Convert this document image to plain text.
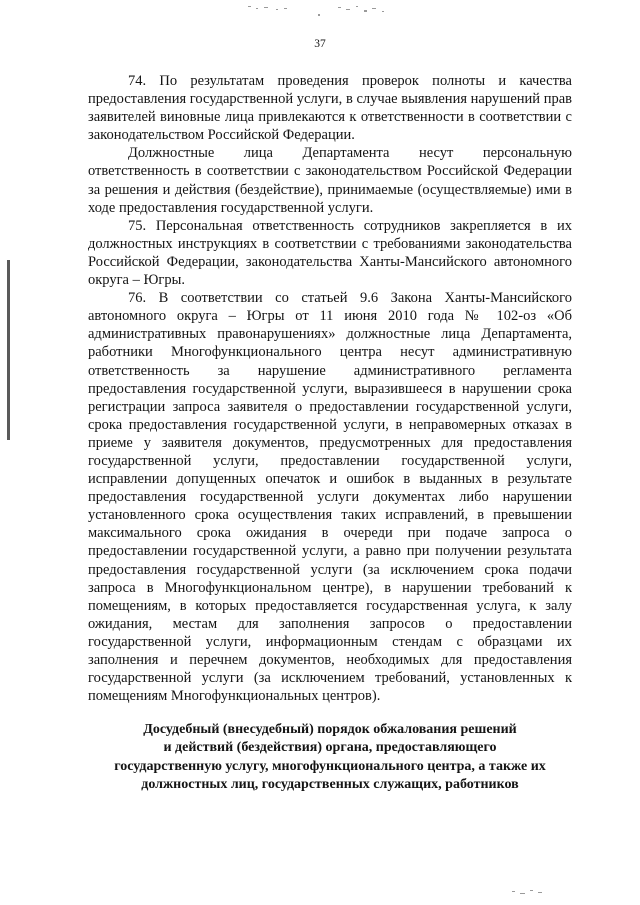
37

74. По результатам проведения проверок полноты и качества предоставления государственной услуги, в случае выявления нарушений прав заявителей виновные лица привлекаются к ответственности в соответствии с законодательством Российской Федерации.

Должностные лица Департамента несут персональную ответственность в соответствии с законодательством Российской Федерации за решения и действия (бездействие), принимаемые (осуществляемые) ими в ходе предоставления государственной услуги.

75. Персональная ответственность сотрудников закрепляется в их должностных инструкциях в соответствии с требованиями законодательства Российской Федерации, законодательства Ханты-Мансийского автономного округа – Югры.

76. В соответствии со статьей 9.6 Закона Ханты-Мансийского автономного округа – Югры от 11 июня 2010 года № 102-оз «Об административных правонарушениях» должностные лица Департамента, работники Многофункционального центра несут административную ответственность за нарушение административного регламента предоставления государственной услуги, выразившееся в нарушении срока регистрации запроса заявителя о предоставлении государственной услуги, срока предоставления государственной услуги, в неправомерных отказах в приеме у заявителя документов, предусмотренных для предоставления государственной услуги, предоставлении государственной услуги, исправлении допущенных опечаток и ошибок в выданных в результате предоставления государственной услуги документах либо нарушении установленного срока осуществления таких исправлений, в превышении максимального срока ожидания в очереди при подаче запроса о предоставлении государственной услуги, а равно при получении результата предоставления государственной услуги (за исключением срока подачи запроса в Многофункциональном центре), в нарушении требований к помещениям, в которых предоставляется государственная услуга, к залу ожидания, местам для заполнения запросов о предоставлении государственной услуги, информационным стендам с образцами их заполнения и перечнем документов, необходимых для предоставления государственной услуги (за исключением требований, установленных к помещениям Многофункциональных центров).

Досудебный (внесудебный) порядок обжалования решений
и действий (бездействия) органа, предоставляющего
государственную услугу, многофункционального центра, а также их
должностных лиц, государственных служащих, работников
